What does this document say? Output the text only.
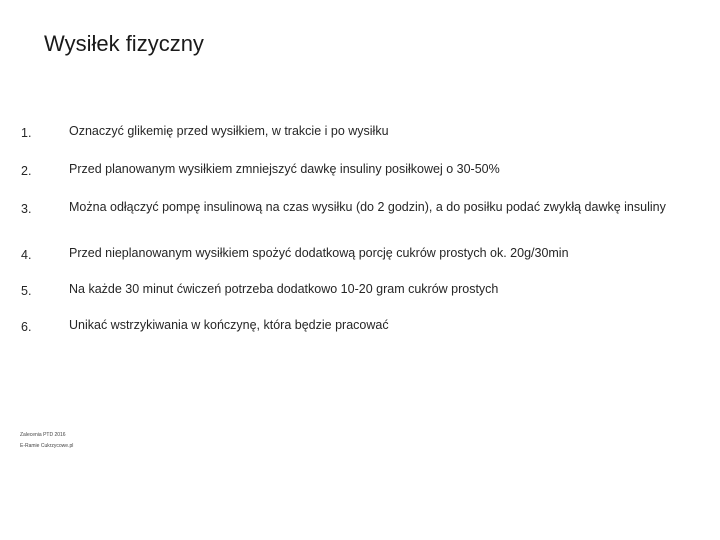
Wysiłek fizyczny
1.	Oznaczyć glikemię przed wysiłkiem, w trakcie i po wysiłku
2.	Przed planowanym wysiłkiem zmniejszyć dawkę insuliny posiłkowej o 30-50%
3.	Można odłączyć pompę insulinową na czas wysiłku (do 2 godzin), a do posiłku podać zwykłą dawkę insuliny
4.	Przed nieplanowanym wysiłkiem spożyć dodatkową porcję cukrów prostych ok. 20g/30min
5.	Na każde 30 minut ćwiczeń potrzeba dodatkowo 10-20 gram cukrów prostych
6.	Unikać wstrzykiwania w kończynę, która będzie pracować
Zalecenia PTD 2016
E-Ramie Cukrzycowe.pl
